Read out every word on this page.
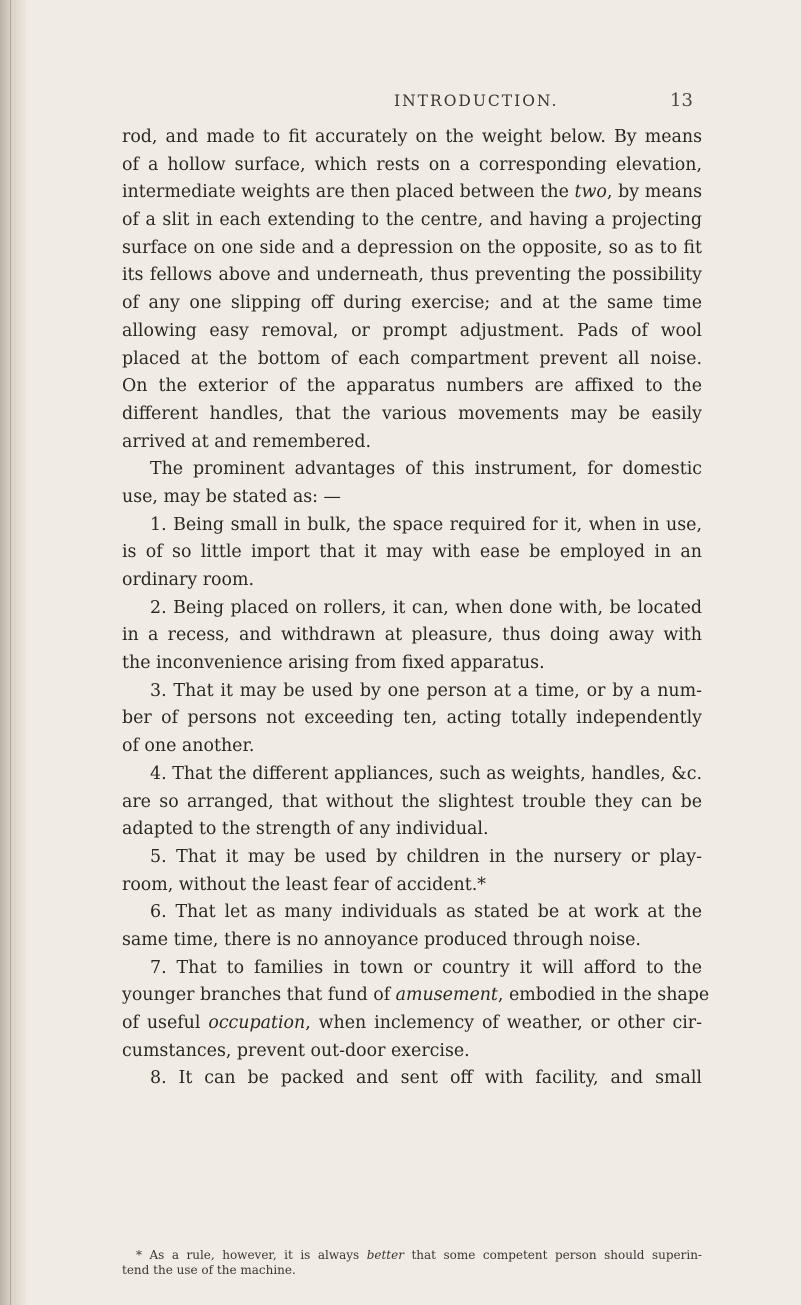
INTRODUCTION.	13
rod, and made to fit accurately on the weight below. By means
of a hollow surface, which rests on a corresponding elevation,
intermediate weights are then placed between the two, by means
of a slit in each extending to the centre, and having a projecting
surface on one side and a depression on the opposite, so as to fit
its fellows above and underneath, thus preventing the possibility
of any one slipping off during exercise; and at the same time
allowing easy removal, or prompt adjustment. Pads of wool
placed at the bottom of each compartment prevent all noise.
On the exterior of the apparatus numbers are affixed to the
different handles, that the various movements may be easily
arrived at and remembered.
The prominent advantages of this instrument, for domestic
use, may be stated as: —
1. Being small in bulk, the space required for it, when in use,
is of so little import that it may with ease be employed in an
ordinary room.
2. Being placed on rollers, it can, when done with, be located
in a recess, and withdrawn at pleasure, thus doing away with
the inconvenience arising from fixed apparatus.
3. That it may be used by one person at a time, or by a num-
ber of persons not exceeding ten, acting totally independently
of one another.
4. That the different appliances, such as weights, handles, &c.
are so arranged, that without the slightest trouble they can be
adapted to the strength of any individual.
5. That it may be used by children in the nursery or play-
room, without the least fear of accident.*
6. That let as many individuals as stated be at work at the
same time, there is no annoyance produced through noise.
7. That to families in town or country it will afford to the
younger branches that fund of amusement, embodied in the shape
of useful occupation, when inclemency of weather, or other cir-
cumstances, prevent out-door exercise.
8. It can be packed and sent off with facility, and small
* As a rule, however, it is always better that some competent person should superin-
tend the use of the machine.
